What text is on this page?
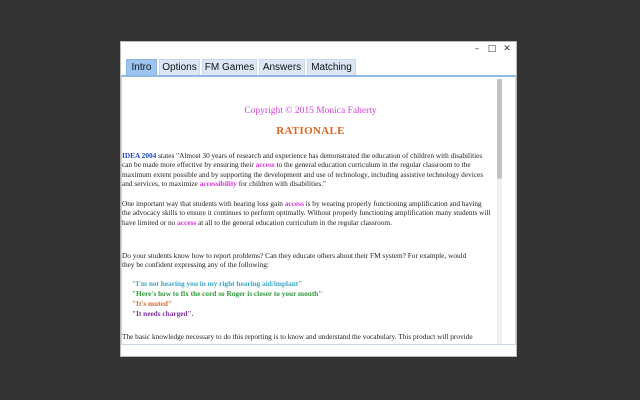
– □ ✕
Intro	Options FM Games Answers	Matching
Copyright © 2015 Monica Faherty
RATIONALE
IDEA 2004 states "Almost 30 years of research and experience has demonstrated the education of children with disabilities
can be made more effective by ensuring their access to the general education curriculum in the regular classroom to the
maximum extent possible and by supporting the development and use of technology, including assistive technology devices
and services, to maximize accessibility for children with disabilities."
One important way that students with hearing loss gain access is by wearing properly functioning amplification and having
the advocacy skills to ensure it continues to perform optimally. Without properly functioning amplification many students will
have limited or no access at all to the general education curriculum in the regular classroom.
Do your students know how to report problems? Can they educate others about their FM system? For example, would
they be confident expressing any of the following:
"I'm not hearing you in my right hearing aid/implant"
"Here's how to fix the cord so Roger is closer to your mouth"
"It's muted"
"It needs charged".
The basic knowledge necessary to do this reporting is to know and understand the vocabulary. This product will provide
